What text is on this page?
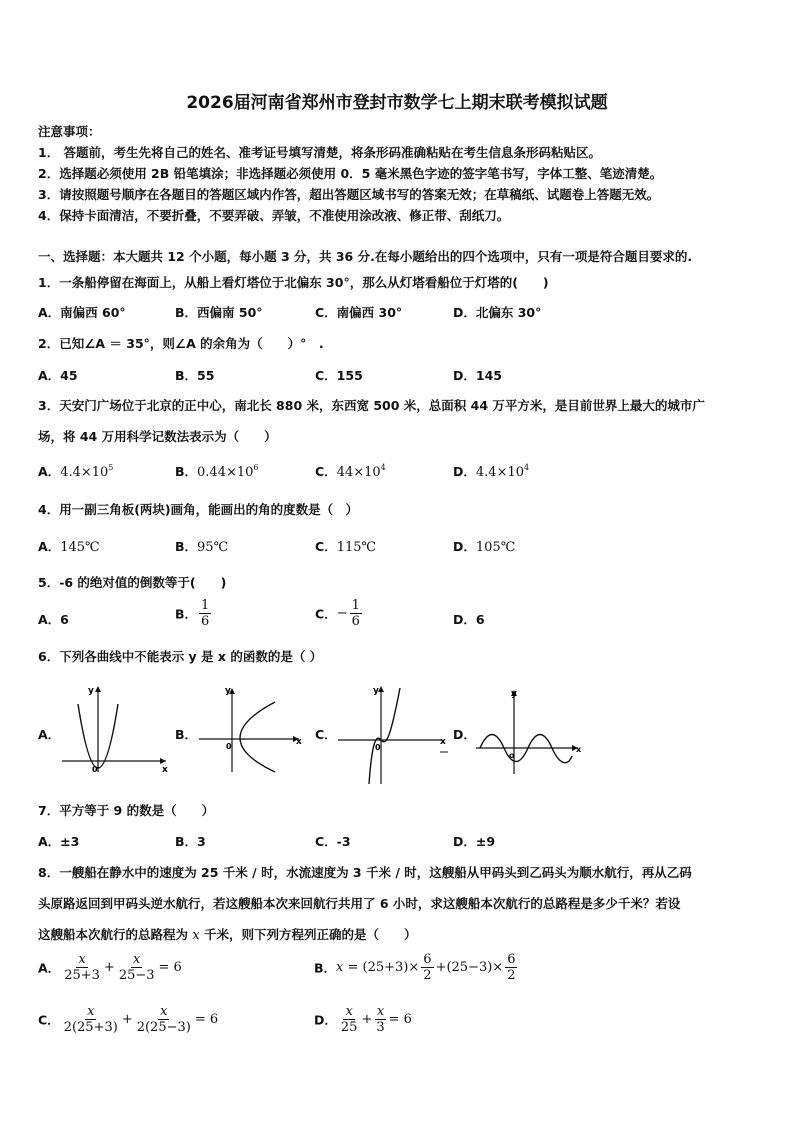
2026届河南省郑州市登封市数学七上期末联考模拟试题
注意事项：
1． 答题前，考生先将自己的姓名、准考证号填写清楚，将条形码准确粘贴在考生信息条形码粘贴区。
2．选择题必须使用 2B 铅笔填涂；非选择题必须使用 0．5 毫米黑色字迹的签字笔书写，字体工整、笔迹清楚。
3．请按照题号顺序在各题目的答题区域内作答，超出答题区域书写的答案无效；在草稿纸、试题卷上答题无效。
4．保持卡面清洁，不要折叠，不要弄破、弄皱，不准使用涂改液、修正带、刮纸刀。
一、选择题：本大题共 12 个小题，每小题 3 分，共 36 分.在每小题给出的四个选项中，只有一项是符合题目要求的.
1．一条船停留在海面上，从船上看灯塔位于北偏东 30°，那么从灯塔看船位于灯塔的(　　)
A．南偏西 60°	B．西偏南 50°	C．南偏西 30°	D．北偏东 30°
2．已知∠A ＝ 35°，则∠A 的余角为（　　）°　.
A．45	B．55	C．155	D．145
3．天安门广场位于北京的正中心，南北长 880 米，东西宽 500 米，总面积 44 万平方米，是目前世界上最大的城市广
场，将 44 万用科学记数法表示为（　　）
A．$4.4\times 10^5$	B．$0.44\times 10^6$	C．$44\times 10^4$	D．$4.4\times 10^4$
4．用一副三角板(两块)画角，能画出的角的度数是（　）
A．145℃	B．95℃	C．115℃	D．105℃
5．-6 的绝对值的倒数等于(　　)
A．6	B． $\frac{1}{6}$	C．− $\frac{1}{6}$	D．6
6．下列各曲线中不能表示 y 是 x 的函数的是（ ）
A．	B．	C．	D．
y
x
0
y
x
0
y
x
0
y
x
o
7．平方等于 9 的数是（　　）
A．±3	B．3	C．-3	D．±9
8．一艘船在静水中的速度为 25 千米 / 时，水流速度为 3 千米 / 时，这艘船从甲码头到乙码头为顺水航行，再从乙码
头原路返回到甲码头逆水航行，若这艘船本次来回航行共用了 6 小时，求这艘船本次航行的总路程是多少千米？若设
这艘船本次航行的总路程为 x 千米，则下列方程列正确的是（　　）
A． $\frac{x}{25+3} + \frac{x}{25-3} = 6$	B．$x = (25+3)\times \frac{6}{2} +(25-3)\times \frac{6}{2}$
C． $\frac{x}{2(25+3)} + \frac{x}{2(25-3)} = 6$	D． $\frac{x}{25} + \frac{x}{3} = 6$
